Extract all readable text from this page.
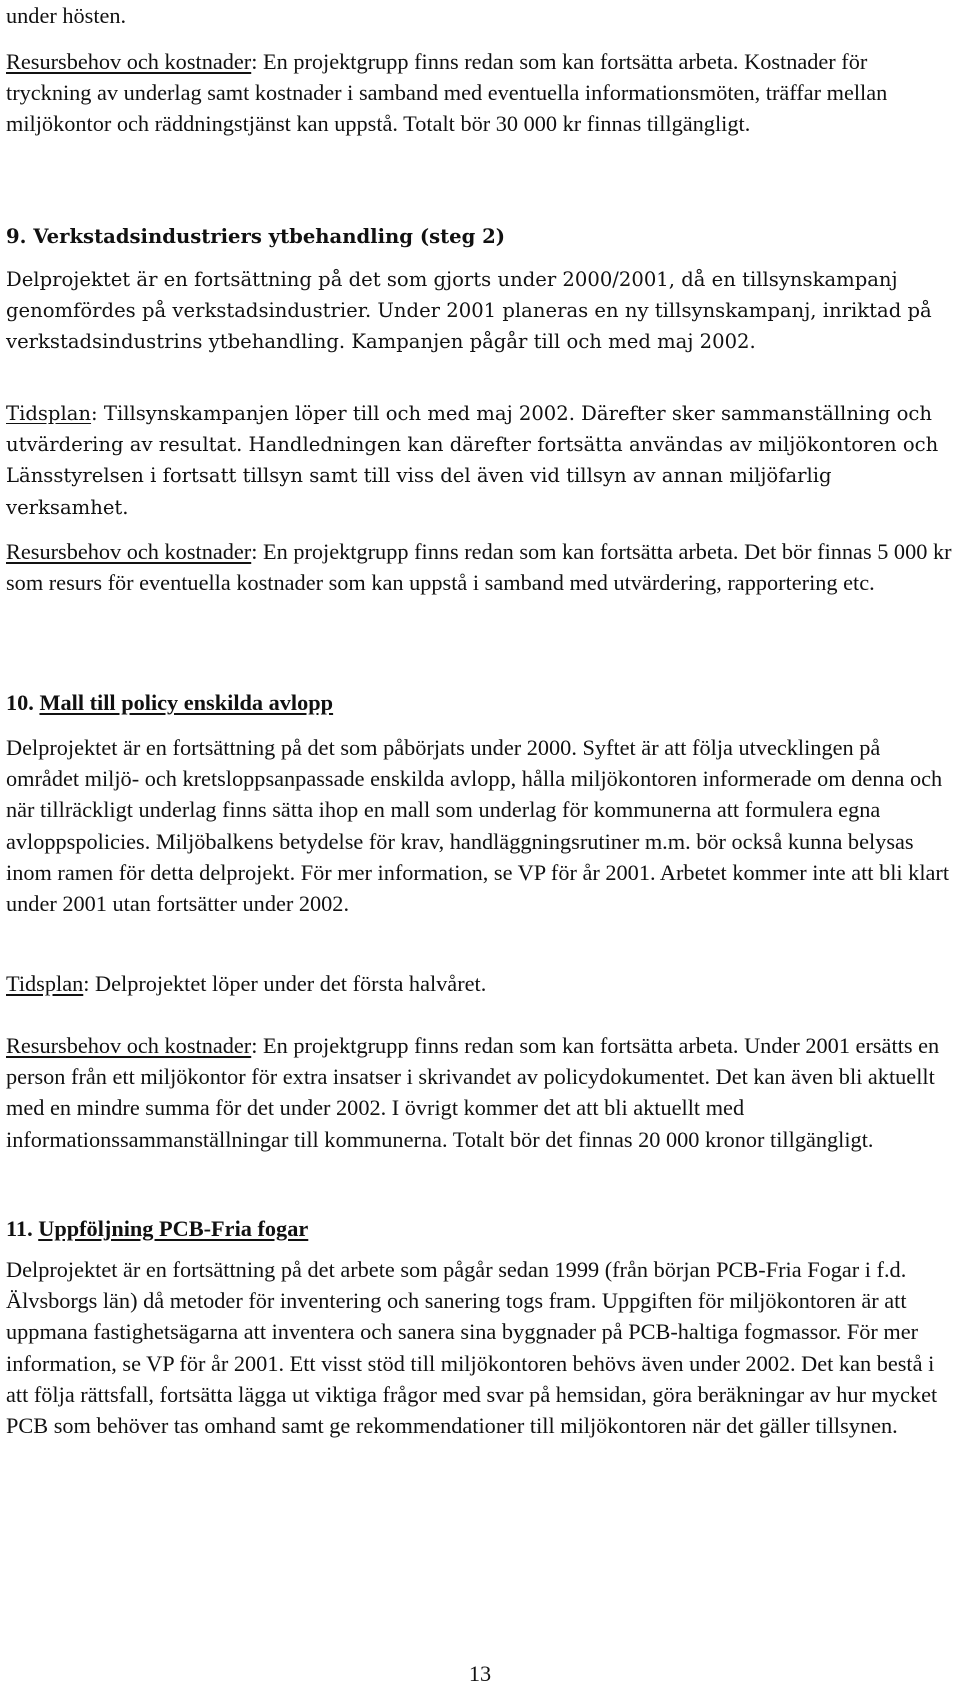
under hösten.

Resursbehov och kostnader: En projektgrupp finns redan som kan fortsätta arbeta. Kostnader för tryckning av underlag samt kostnader i samband med eventuella informationsmöten, träffar mellan miljökontor och räddningstjänst kan uppstå. Totalt bör 30 000 kr finnas tillgängligt.

9. Verkstadsindustriers ytbehandling (steg 2)

Delprojektet är en fortsättning på det som gjorts under 2000/2001, då en tillsynskampanj genomfördes på verkstadsindustrier. Under 2001 planeras en ny tillsynskampanj, inriktad på verkstadsindustrins ytbehandling. Kampanjen pågår till och med maj 2002.

Tidsplan: Tillsynskampanjen löper till och med maj 2002. Därefter sker sammanställning och utvärdering av resultat. Handledningen kan därefter fortsätta användas av miljökontoren och Länsstyrelsen i fortsatt tillsyn samt till viss del även vid tillsyn av annan miljöfarlig verksamhet.

Resursbehov och kostnader: En projektgrupp finns redan som kan fortsätta arbeta. Det bör finnas 5 000 kr som resurs för eventuella kostnader som kan uppstå i samband med utvärdering, rapportering etc.

10. Mall till policy enskilda avlopp

Delprojektet är en fortsättning på det som påbörjats under 2000. Syftet är att följa utvecklingen på området miljö- och kretsloppsanpassade enskilda avlopp, hålla miljökontoren informerade om denna och när tillräckligt underlag finns sätta ihop en mall som underlag för kommunerna att formulera egna avloppspolicies. Miljöbalkens betydelse för krav, handläggningsrutiner m.m. bör också kunna belysas inom ramen för detta delprojekt. För mer information, se VP för år 2001. Arbetet kommer inte att bli klart under 2001 utan fortsätter under 2002.

Tidsplan: Delprojektet löper under det första halvåret.

Resursbehov och kostnader: En projektgrupp finns redan som kan fortsätta arbeta. Under 2001 ersätts en person från ett miljökontor för extra insatser i skrivandet av policydokumentet. Det kan även bli aktuellt med en mindre summa för det under 2002. I övrigt kommer det att bli aktuellt med informationssammanställningar till kommunerna. Totalt bör det finnas 20 000 kronor tillgängligt.

11. Uppföljning PCB-Fria fogar

Delprojektet är en fortsättning på det arbete som pågår sedan 1999 (från början PCB-Fria Fogar i f.d. Älvsborgs län) då metoder för inventering och sanering togs fram. Uppgiften för miljökontoren är att uppmana fastighetsägarna att inventera och sanera sina byggnader på PCB-haltiga fogmassor. För mer information, se VP för år 2001. Ett visst stöd till miljökontoren behövs även under 2002. Det kan bestå i att följa rättsfall, fortsätta lägga ut viktiga frågor med svar på hemsidan, göra beräkningar av hur mycket PCB som behöver tas omhand samt ge rekommendationer till miljökontoren när det gäller tillsynen.

13
